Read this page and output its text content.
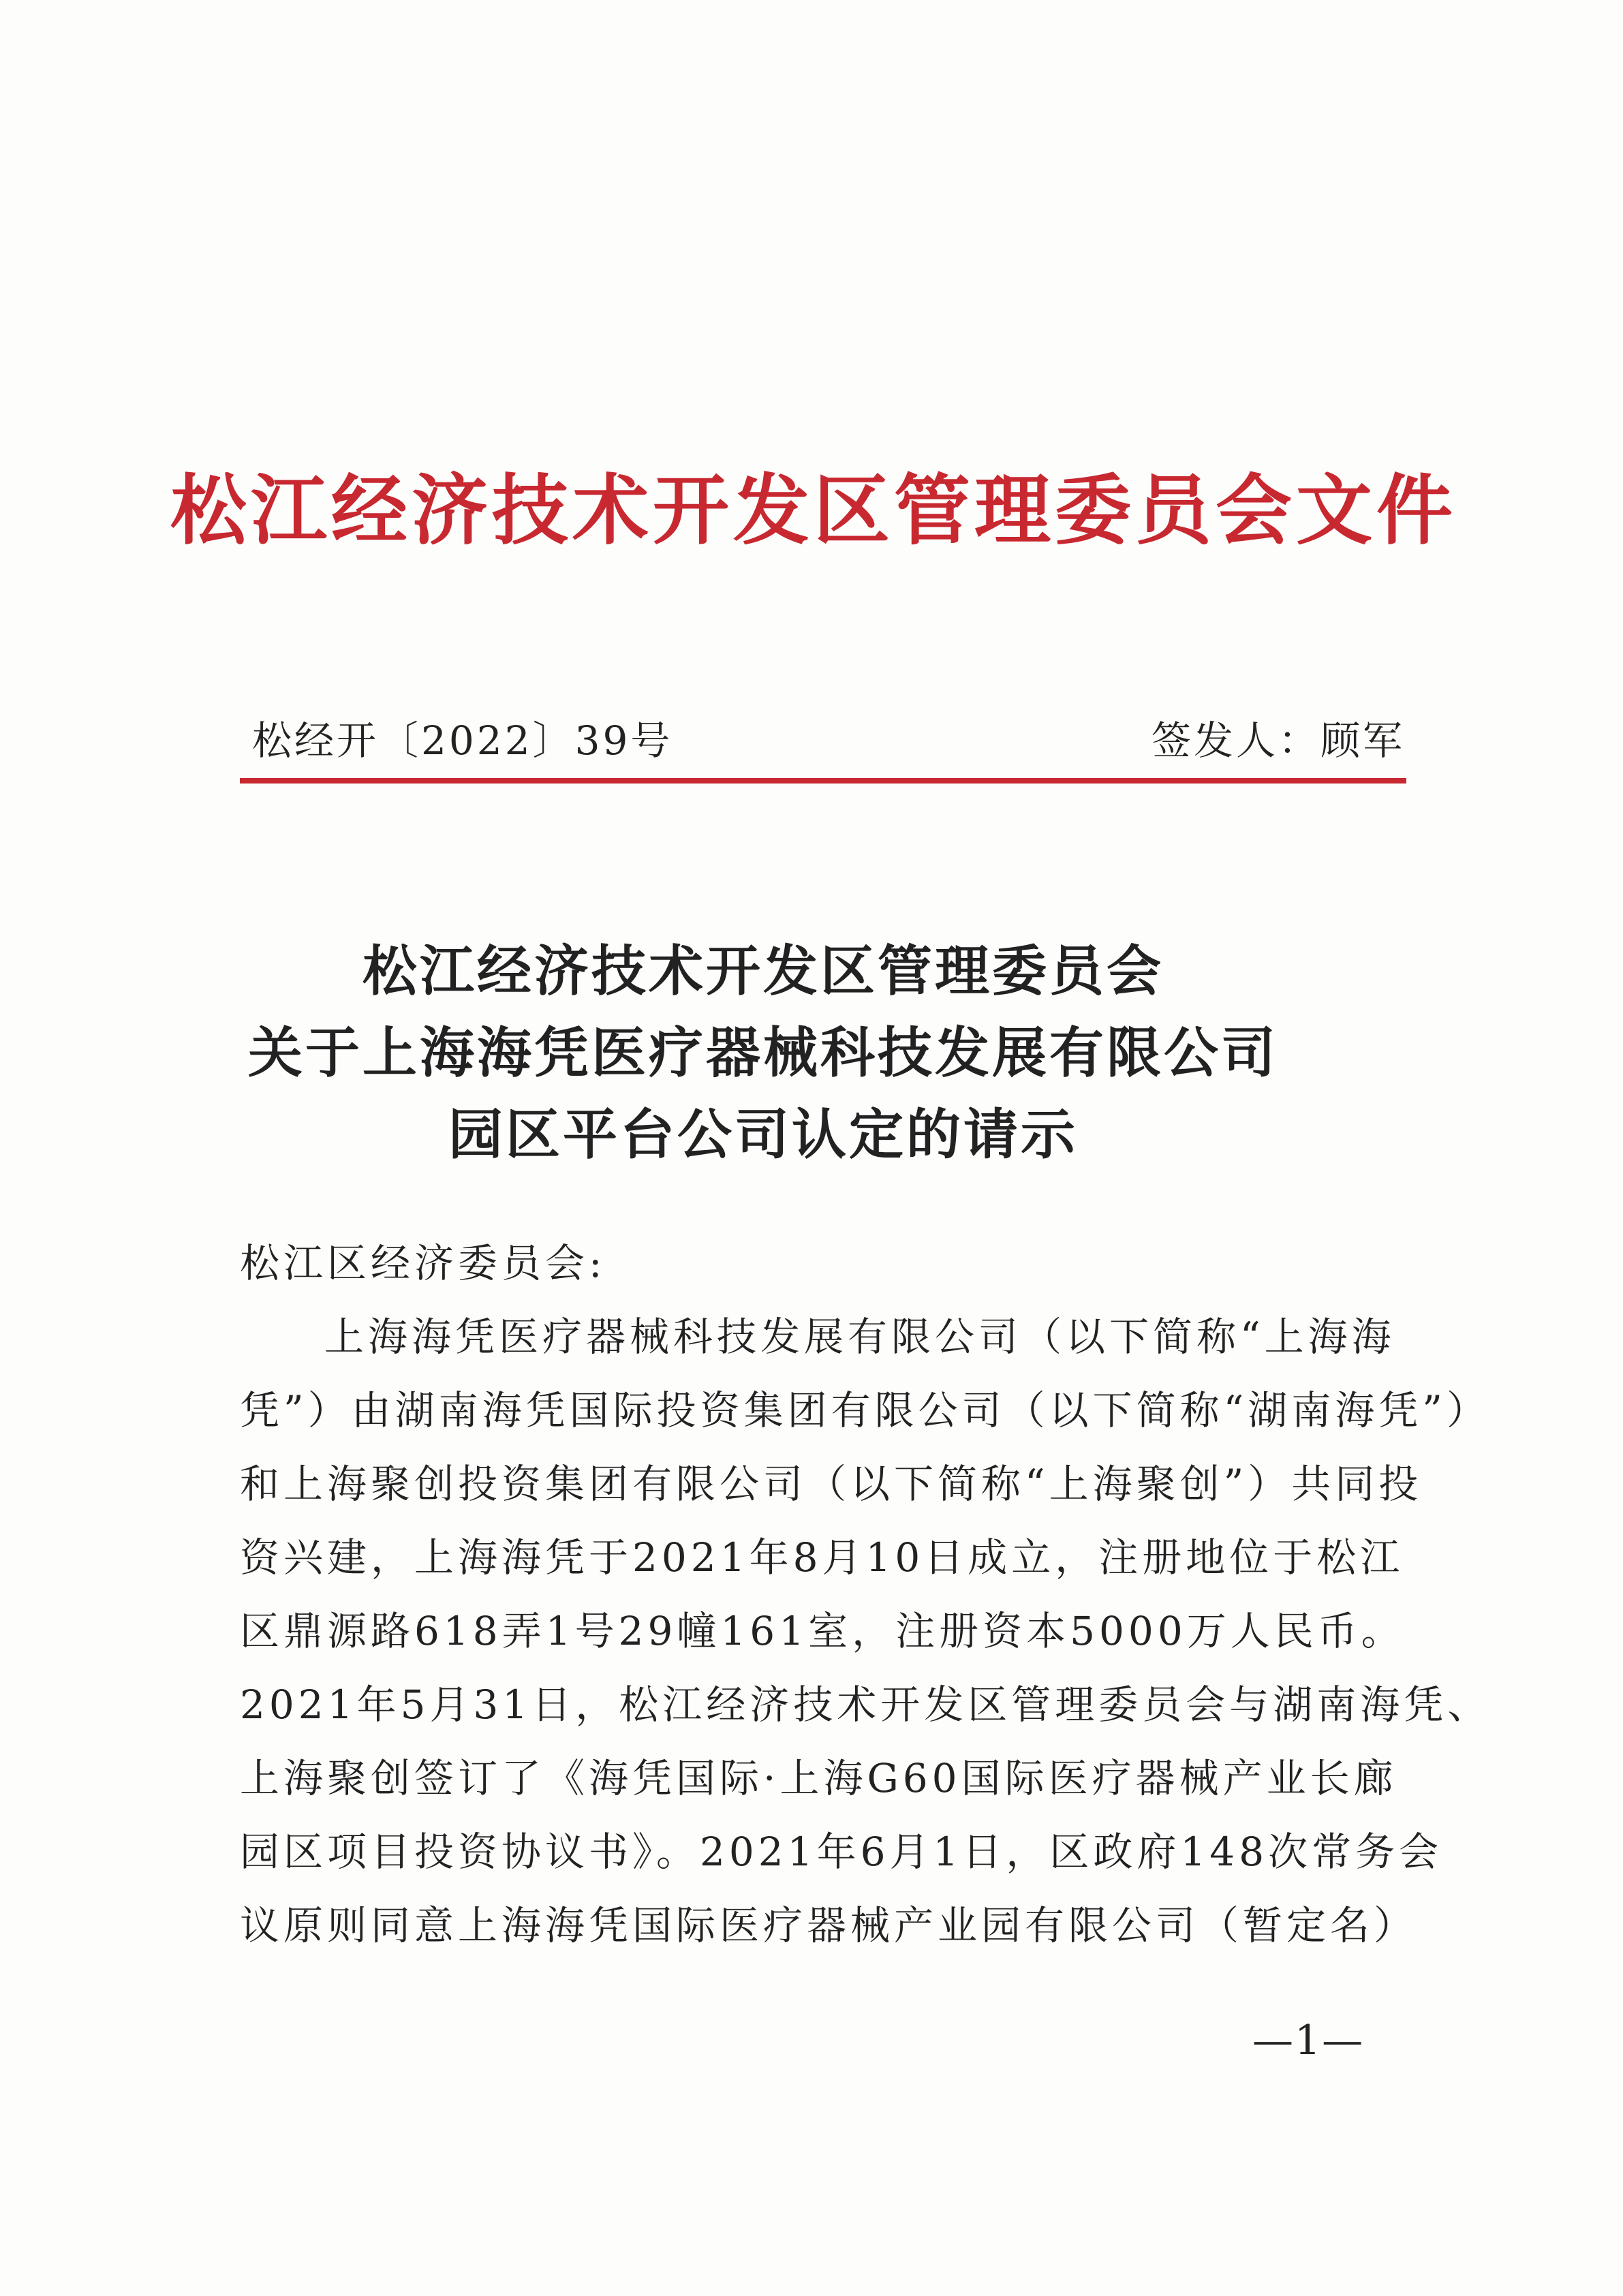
松江经济技术开发区管理委员会文件
松经开〔2022〕39号	签发人：顾军
松江经济技术开发区管理委员会
关于上海海凭医疗器械科技发展有限公司
园区平台公司认定的请示
松江区经济委员会:
上海海凭医疗器械科技发展有限公司（以下简称“上海海
凭”）由湖南海凭国际投资集团有限公司（以下简称“湖南海凭”）
和上海聚创投资集团有限公司（以下简称“上海聚创”）共同投
资兴建，上海海凭于2021年8月10日成立，注册地位于松江
区鼎源路618弄1号29幢161室，注册资本5000万人民币。
2021年5月31日，松江经济技术开发区管理委员会与湖南海凭、
上海聚创签订了《海凭国际·上海G60国际医疗器械产业长廊
园区项目投资协议书》。2021年6月1日，区政府148次常务会
议原则同意上海海凭国际医疗器械产业园有限公司（暂定名）
—1—
